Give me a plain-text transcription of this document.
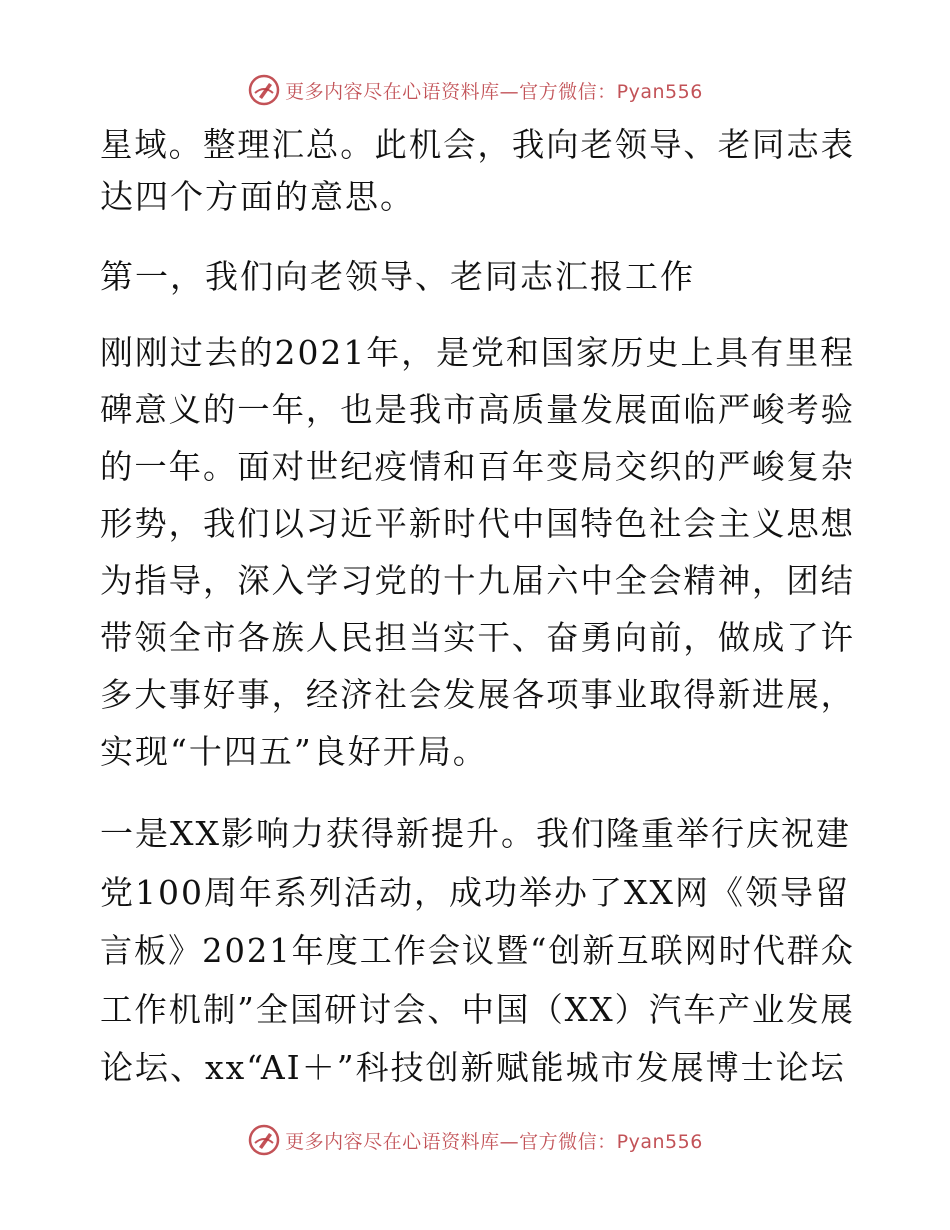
更多内容尽在心语资料库—官方微信：Pyan556
星域。整理汇总。此机会，我向老领导、老同志表
达四个方面的意思。
第一，我们向老领导、老同志汇报工作
刚刚过去的2021年，是党和国家历史上具有里程
碑意义的一年，也是我市高质量发展面临严峻考验
的一年。面对世纪疫情和百年变局交织的严峻复杂
形势，我们以习近平新时代中国特色社会主义思想
为指导，深入学习党的十九届六中全会精神，团结
带领全市各族人民担当实干、奋勇向前，做成了许
多大事好事，经济社会发展各项事业取得新进展，
实现“十四五”良好开局。
一是XX影响力获得新提升。我们隆重举行庆祝建
党100周年系列活动，成功举办了XX网《领导留
言板》2021年度工作会议暨“创新互联网时代群众
工作机制”全国研讨会、中国（XX）汽车产业发展
论坛、xx“AI＋”科技创新赋能城市发展博士论坛
更多内容尽在心语资料库—官方微信：Pyan556
